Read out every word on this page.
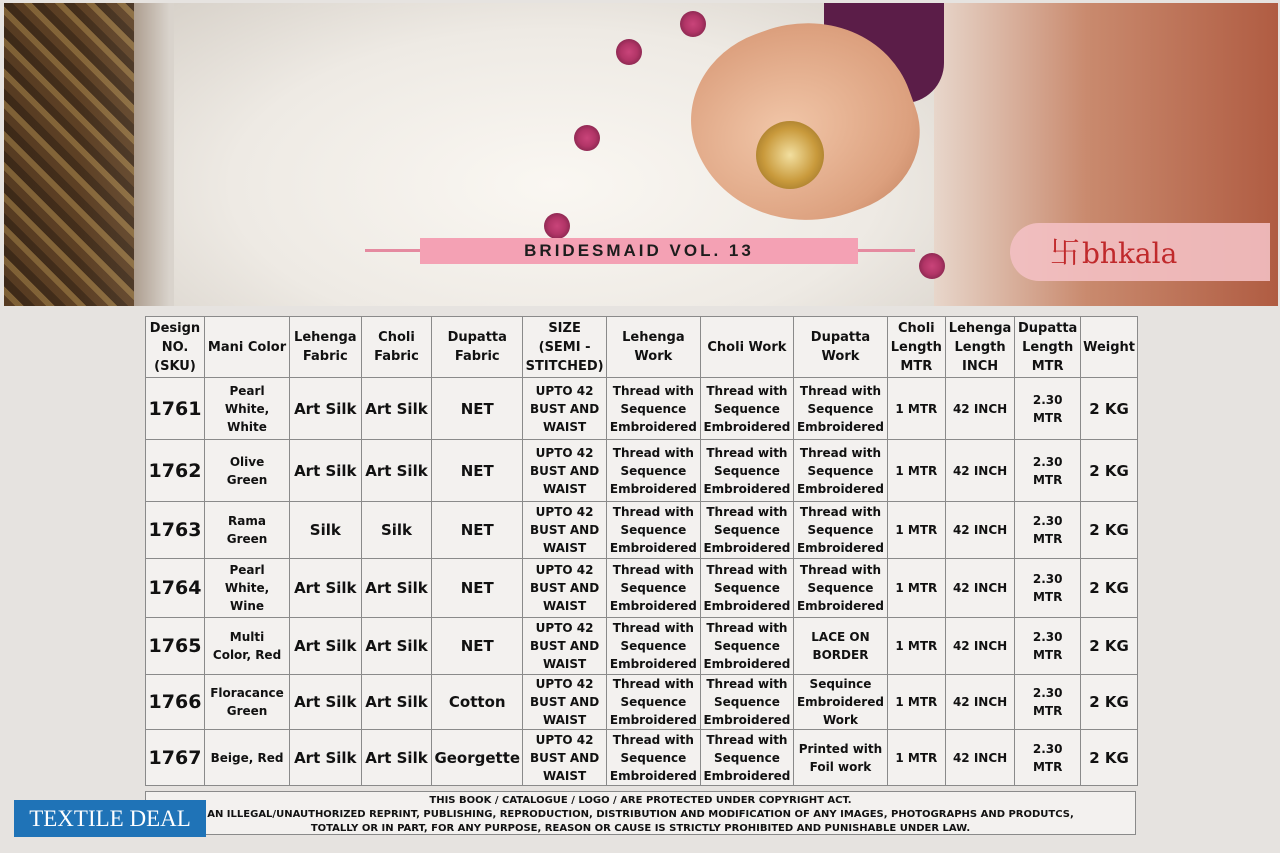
BRIDESMAID VOL. 13	卐bhkala
Design
NO.
(SKU)	Mani Color	Lehenga
Fabric	Choli
Fabric	Dupatta
Fabric	SIZE
(SEMI -
STITCHED)	Lehenga
Work	Choli Work	Dupatta
Work	Choli
Length
MTR	Lehenga
Length
INCH	Dupatta
Length
MTR	Weight
1761	Pearl
White,
White	Art Silk	Art Silk	NET	UPTO 42
BUST AND
WAIST	Thread with
Sequence
Embroidered	Thread with
Sequence
Embroidered	Thread with
Sequence
Embroidered	1 MTR	42 INCH	2.30
MTR	2 KG
1762	Olive
Green	Art Silk	Art Silk	NET	UPTO 42
BUST AND
WAIST	Thread with
Sequence
Embroidered	Thread with
Sequence
Embroidered	Thread with
Sequence
Embroidered	1 MTR	42 INCH	2.30
MTR	2 KG
1763	Rama Green	Silk	Silk	NET	UPTO 42
BUST AND
WAIST	Thread with
Sequence
Embroidered	Thread with
Sequence
Embroidered	Thread with
Sequence
Embroidered	1 MTR	42 INCH	2.30
MTR	2 KG
1764	Pearl
White,
Wine	Art Silk	Art Silk	NET	UPTO 42
BUST AND
WAIST	Thread with
Sequence
Embroidered	Thread with
Sequence
Embroidered	Thread with
Sequence
Embroidered	1 MTR	42 INCH	2.30
MTR	2 KG
1765	Multi
Color, Red	Art Silk	Art Silk	NET	UPTO 42
BUST AND
WAIST	Thread with
Sequence
Embroidered	Thread with
Sequence
Embroidered	LACE ON
BORDER	1 MTR	42 INCH	2.30
MTR	2 KG
1766	Floracance
Green	Art Silk	Art Silk	Cotton	UPTO 42
BUST AND
WAIST	Thread with
Sequence
Embroidered	Thread with
Sequence
Embroidered	Sequince
Embroidered
Work	1 MTR	42 INCH	2.30
MTR	2 KG
1767	Beige, Red	Art Silk	Art Silk	Georgette	UPTO 42
BUST AND
WAIST	Thread with
Sequence
Embroidered	Thread with
Sequence
Embroidered	Printed with
Foil work	1 MTR	42 INCH	2.30
MTR	2 KG
THIS BOOK / CATALOGUE / LOGO / ARE PROTECTED UNDER COPYRIGHT ACT.
AN ILLEGAL/UNAUTHORIZED REPRINT, PUBLISHING, REPRODUCTION, DISTRIBUTION AND MODIFICATION OF ANY IMAGES, PHOTOGRAPHS AND PRODUTCS,
TOTALLY OR IN PART, FOR ANY PURPOSE, REASON OR CAUSE IS STRICTLY PROHIBITED AND PUNISHABLE UNDER LAW.
TEXTILE DEAL
